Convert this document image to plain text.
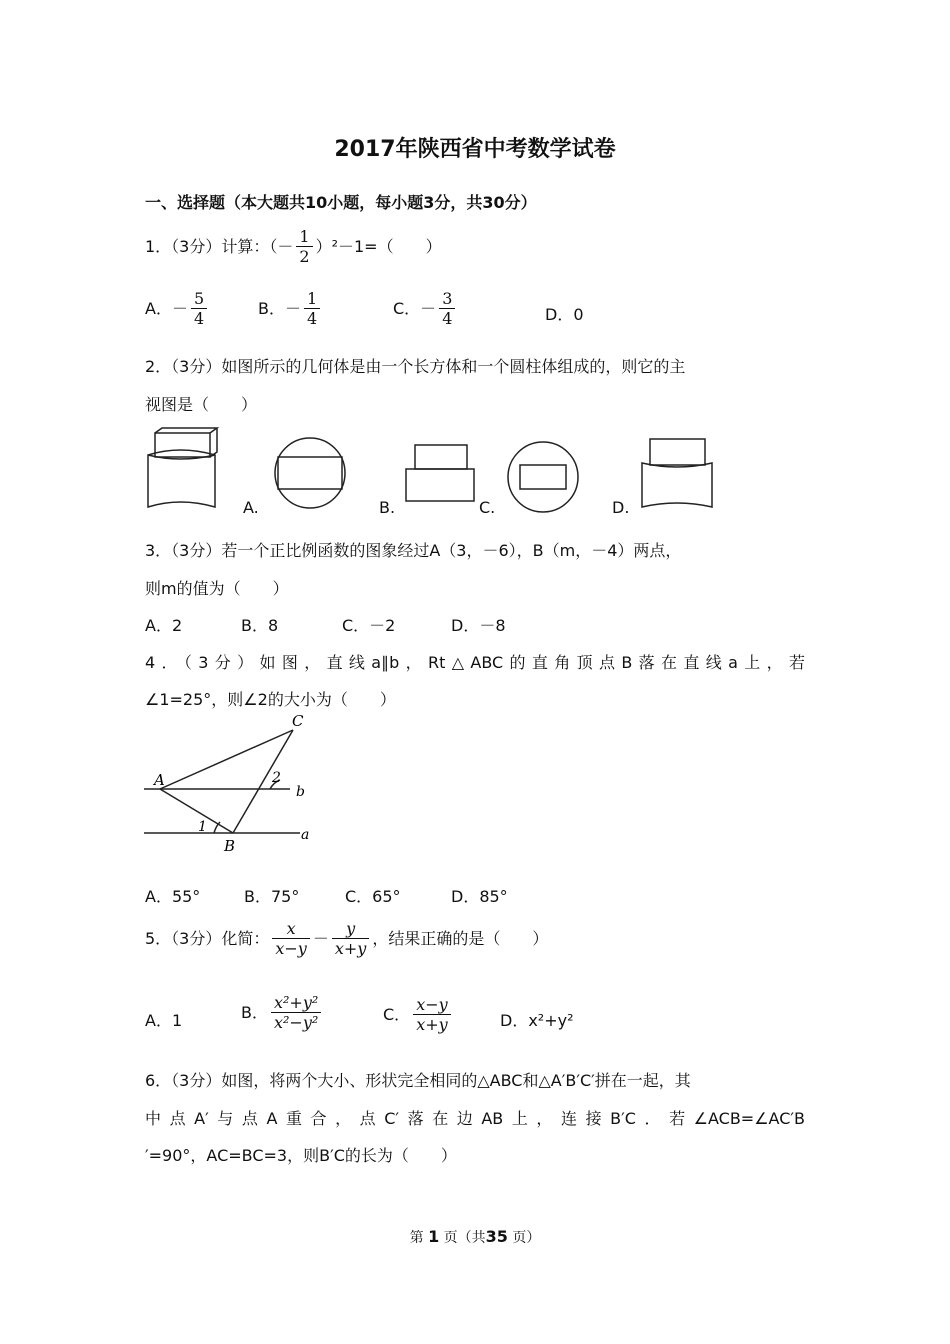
2017年陕西省中考数学试卷
一、选择题（本大题共10小题，每小题3分，共30分）
1．（3分）计算：（－ $\frac{1}{2} )^2-1=$（　　）
A．－ $\frac{5}{4}$	B．－ $\frac{1}{4}$	C．－ $\frac{3}{4}$	D．0
2．（3分）如图所示的几何体是由一个长方体和一个圆柱体组成的，则它的主
视图是（　　）
A.	B.	C.	D.
3．（3分）若一个正比例函数的图象经过A（3，－6），B（m，－4）两点，
则m的值为（　　）
A．2	B．8	C．－2	D．－8
4．（3分）如图，直线a∥b，Rt△ABC的直角顶点B落在直线a上，若
∠1=25°，则∠2的大小为（　　）
C
A	2
b
1
B
a
A．55°	B．75°	C．65°	D．85°
5．（3分）化简： $\frac{x}{x-y} - \frac{y}{x+y}$ ，结果正确的是（　　）
A．1	B． $\frac{\text{x²+y²}}{\text{x²−y²}}$	C． $\frac{x-y}{x+y}$	D．x²+y²
6．（3分）如图，将两个大小、形状完全相同的△ABC和△A′B′C′拼在一起，其
中点A′与点A重合，点C′落在边AB上，连接B′C．若∠ACB=∠AC′B
′=90°，AC=BC=3，则B′C的长为（　　）
第 1 页（共35 页）
